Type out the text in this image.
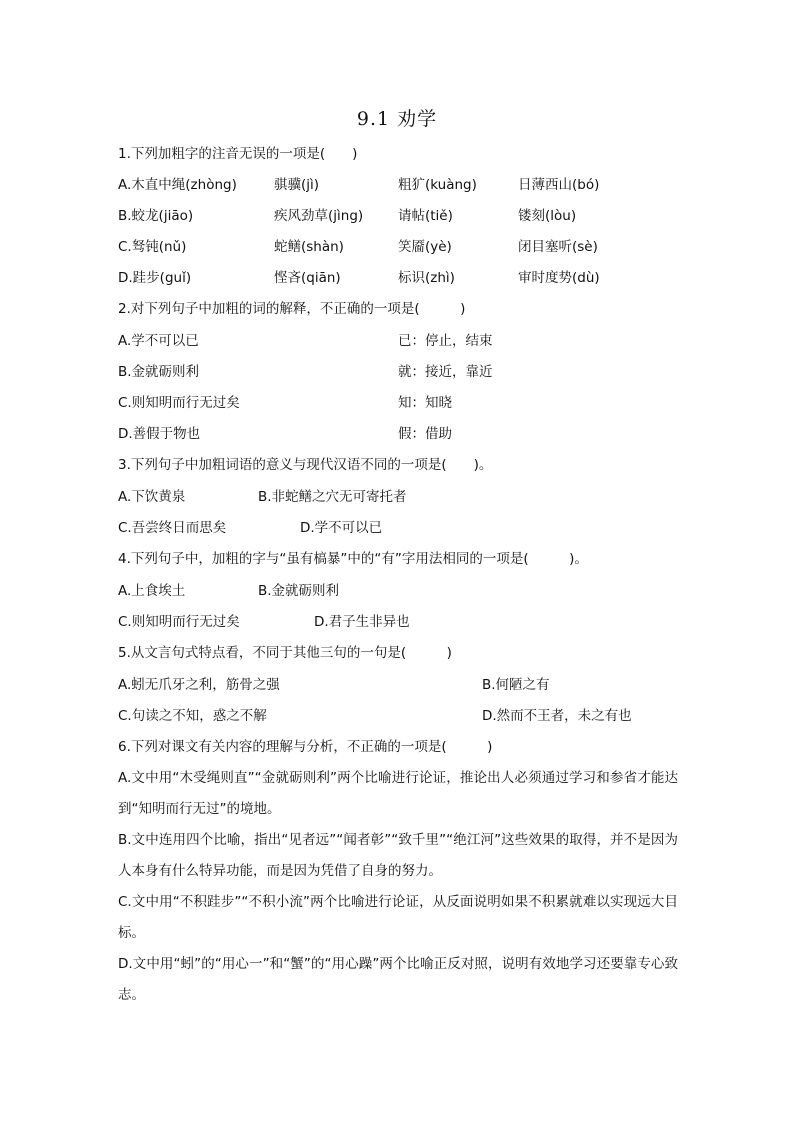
9.1 劝学
1.下列加粗字的注音无误的一项是(　　)
A.木直中绳(zhòng)	骐骥(jì)	粗犷(kuàng)	日薄西山(bó)
B.蛟龙(jiāo)	疾风劲草(jìng)	请帖(tiě)	镂刻(lòu)
C.驽钝(nǔ)	蛇鳝(shàn)	笑靥(yè)	闭目塞听(sè)
D.跬步(guǐ)	悭吝(qiān)	标识(zhì)	审时度势(dù)
2.对下列句子中加粗的词的解释，不正确的一项是(　　　)
A.学不可以已	已：停止，结束
B.金就砺则利	就：接近，靠近
C.则知明而行无过矣	知：知晓
D.善假于物也	假：借助
3.下列句子中加粗词语的意义与现代汉语不同的一项是(　　)。
A.下饮黄泉	B.非蛇鳝之穴无可寄托者
C.吾尝终日而思矣	D.学不可以已
4.下列句子中，加粗的字与“虽有槁暴”中的“有”字用法相同的一项是(　　　)。
A.上食埃土	B.金就砺则利
C.则知明而行无过矣	D.君子生非异也
5.从文言句式特点看，不同于其他三句的一句是(　　　)
A.蚓无爪牙之利，筋骨之强	B.何陋之有
C.句读之不知，惑之不解	D.然而不王者，未之有也
6.下列对课文有关内容的理解与分析，不正确的一项是(　　　)
A.文中用“木受绳则直”“金就砺则利”两个比喻进行论证，推论出人必须通过学习和参省才能达到“知明而行无过”的境地。
B.文中连用四个比喻，指出“见者远”“闻者彰”“致千里”“绝江河”这些效果的取得，并不是因为人本身有什么特异功能，而是因为凭借了自身的努力。
C.文中用“不积跬步”“不积小流”两个比喻进行论证，从反面说明如果不积累就难以实现远大目标。
D.文中用“蚓”的“用心一”和“蟹”的“用心躁”两个比喻正反对照，说明有效地学习还要靠专心致志。
